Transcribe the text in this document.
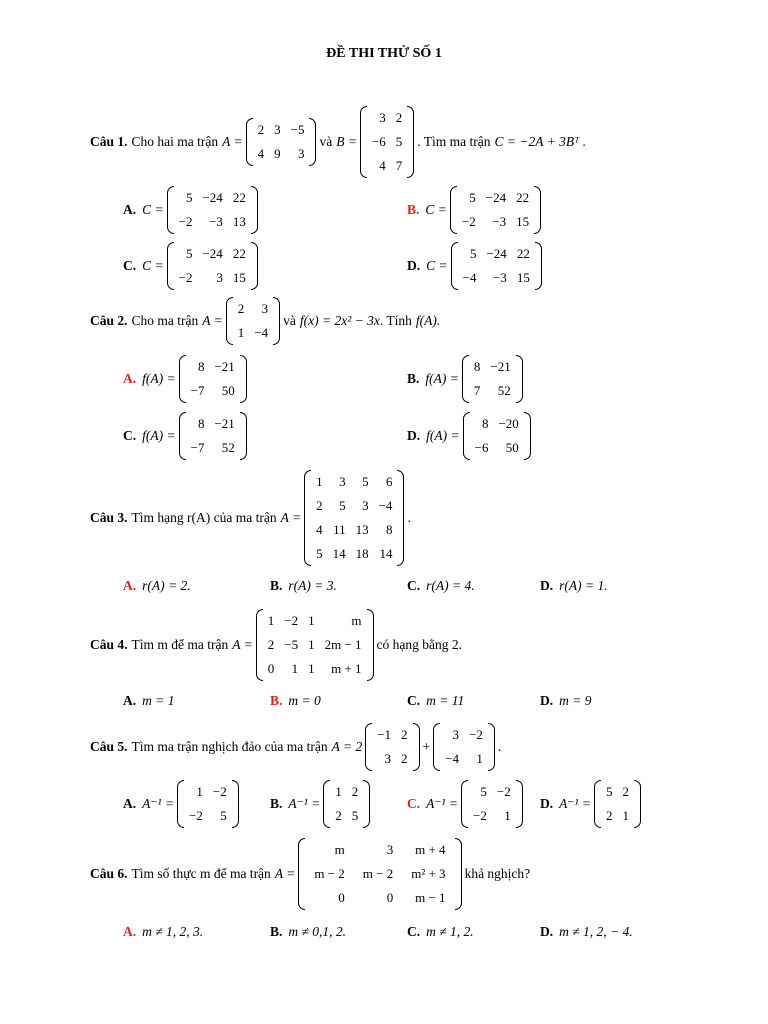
ĐỀ THI THỬ SỐ 1
Câu 1. Cho hai ma trận A =
2	3	−5
4	9	3
và B =
3	2
−6	5
4	7
. Tìm ma trận C = −2A + 3Bᵀ .
A. C =
5	−24	22
−2	−3	13
B. C =
5	−24	22
−2	−3	15
C. C =
5	−24	22
−2	3	15
D. C =
5	−24	22
−4	−3	15
Câu 2. Cho ma trận A =
2	3
1	−4
và f(x) = 2x² − 3x . Tính f(A).
A. f(A) =
8	−21
−7	50
B. f(A) =
8	−21
7	52
C. f(A) =
8	−21
−7	52
D. f(A) =
8	−20
−6	50
Câu 3. Tìm hạng r(A) của ma trận A =
1	3	5	6
2	5	3	−4
4	11	13	8
5	14	18	14
.
A. r(A) = 2.	B. r(A) = 3.	C. r(A) = 4.	D. r(A) = 1.
Câu 4. Tìm m để ma trận A =
1	−2	1	m
2	−5	1	2m − 1
0	1	1	m + 1
có hạng bằng 2.
A. m = 1	B. m = 0	C. m = 11	D. m = 9
Câu 5. Tìm ma trận nghịch đảo của ma trận A = 2
−1	2
3	2
+
3	−2
−4	1
.
A. A⁻¹ =
1	−2
−2	5
B. A⁻¹ =
1	2
2	5
C. A⁻¹ =
5	−2
−2	1
D. A⁻¹ =
5	2
2	1
Câu 6. Tìm số thực m để ma trận A =
m	3	m + 4
m − 2	m − 2	m² + 3
0	0	m − 1
khả nghịch?
A. m ≠ 1, 2, 3.	B. m ≠ 0,1, 2.	C. m ≠ 1, 2.	D. m ≠ 1, 2, − 4.
